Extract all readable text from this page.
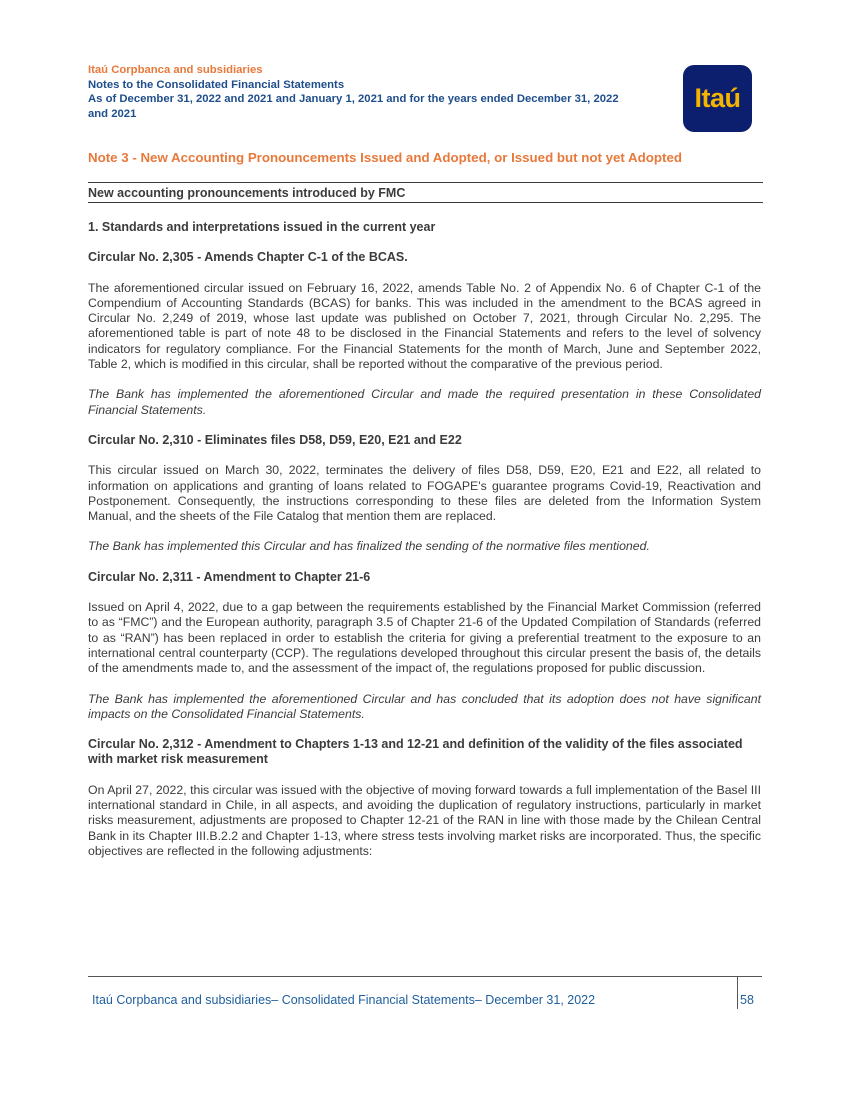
Itaú Corpbanca and subsidiaries
Notes to the Consolidated Financial Statements
As of December 31, 2022 and 2021 and January 1, 2021 and for the years ended December 31, 2022
and 2021
Itaú
Note 3 - New Accounting Pronouncements Issued and Adopted, or Issued but not yet Adopted
New accounting pronouncements introduced by FMC
1. Standards and interpretations issued in the current year
Circular No. 2,305 - Amends Chapter C-1 of the BCAS.

The aforementioned circular issued on February 16, 2022, amends Table No. 2 of Appendix No. 6 of Chapter C-1 of the Compendium of Accounting Standards (BCAS) for banks. This was included in the amendment to the BCAS agreed in Circular No. 2,249 of 2019, whose last update was published on October 7, 2021, through Circular No. 2,295. The aforementioned table is part of note 48 to be disclosed in the Financial Statements and refers to the level of solvency indicators for regulatory compliance. For the Financial Statements for the month of March, June and September 2022, Table 2, which is modified in this circular, shall be reported without the comparative of the previous period.

The Bank has implemented the aforementioned Circular and made the required presentation in these Consolidated Financial Statements.

Circular No. 2,310 - Eliminates files D58, D59, E20, E21 and E22

This circular issued on March 30, 2022, terminates the delivery of files D58, D59, E20, E21 and E22, all related to information on applications and granting of loans related to FOGAPE's guarantee programs Covid-19, Reactivation and Postponement. Consequently, the instructions corresponding to these files are deleted from the Information System Manual, and the sheets of the File Catalog that mention them are replaced.

The Bank has implemented this Circular and has finalized the sending of the normative files mentioned.

Circular No. 2,311 - Amendment to Chapter 21-6

Issued on April 4, 2022, due to a gap between the requirements established by the Financial Market Commission (referred to as “FMC”) and the European authority, paragraph 3.5 of Chapter 21-6 of the Updated Compilation of Standards (referred to as “RAN”) has been replaced in order to establish the criteria for giving a preferential treatment to the exposure to an international central counterparty (CCP). The regulations developed throughout this circular present the basis of, the details of the amendments made to, and the assessment of the impact of, the regulations proposed for public discussion.

The Bank has implemented the aforementioned Circular and has concluded that its adoption does not have significant impacts on the Consolidated Financial Statements.

Circular No. 2,312 - Amendment to Chapters 1-13 and 12-21 and definition of the validity of the files associated with market risk measurement

On April 27, 2022, this circular was issued with the objective of moving forward towards a full implementation of the Basel III international standard in Chile, in all aspects, and avoiding the duplication of regulatory instructions, particularly in market risks measurement, adjustments are proposed to Chapter 12-21 of the RAN in line with those made by the Chilean Central Bank in its Chapter III.B.2.2 and Chapter 1-13, where stress tests involving market risks are incorporated. Thus, the specific objectives are reflected in the following adjustments:

Itaú Corpbanca and subsidiaries– Consolidated Financial Statements– December 31, 2022	58
